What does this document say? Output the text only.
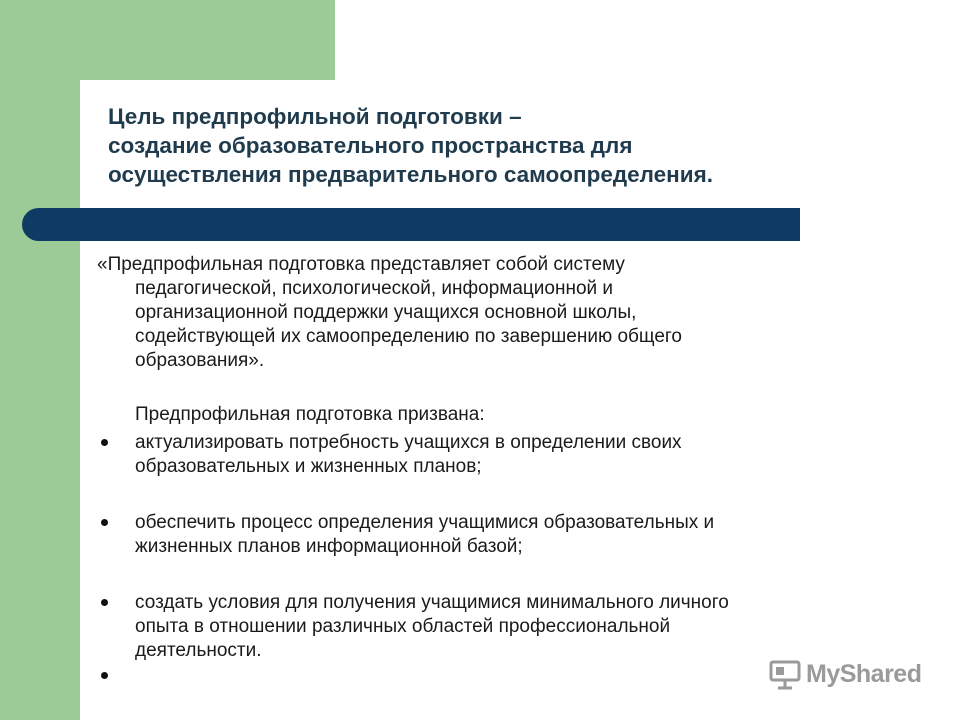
Цель предпрофильной подготовки –
создание образовательного пространства для
осуществления предварительного самоопределения.
«Предпрофильная подготовка представляет собой систему
педагогической, психологической, информационной и
организационной поддержки учащихся основной школы,
содействующей их самоопределению по завершению общего
образования».
Предпрофильная подготовка призвана:
актуализировать потребность учащихся в определении своих
образовательных и жизненных планов;
обеспечить процесс определения учащимися образовательных и
жизненных планов информационной базой;
создать условия для получения учащимися минимального личного
опыта в отношении различных областей профессиональной
деятельности.
MyShared
